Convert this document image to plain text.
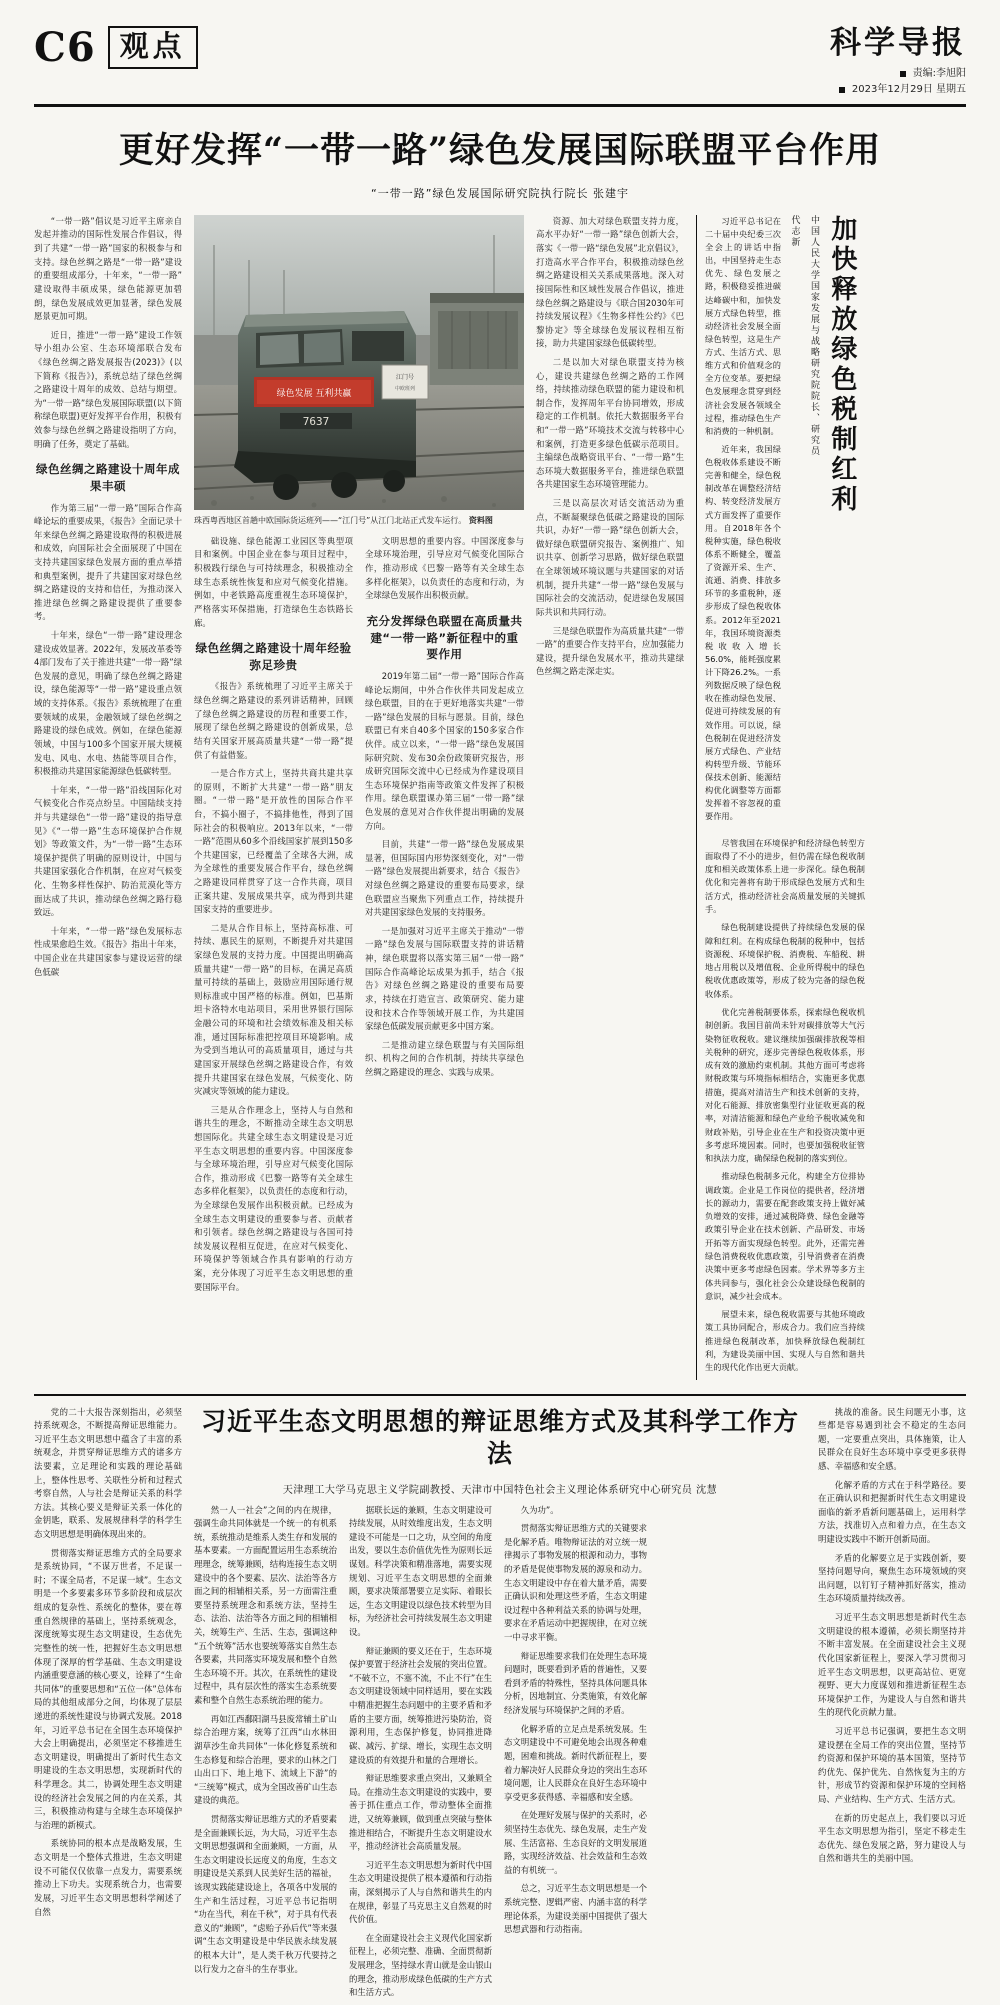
C6 观点	科学导报
责编:李旭阳
2023年12月29日 星期五
更好发挥“一带一路”绿色发展国际联盟平台作用
“一带一路”绿色发展国际研究院执行院长 张建宇

“一带一路”倡议是习近平主席亲自发起并推动的国际性发展合作倡议，得到了共建“一带一路”国家的积极参与和支持。绿色丝绸之路是“一带一路”建设的重要组成部分，十年来，“一带一路”建设取得丰硕成果，绿色能源更加碧朗，绿色发展成效更加显著，绿色发展愿景更加可期。

近日，推进“一带一路”建设工作领导小组办公室、生态环境部联合发布《绿色丝绸之路发展报告(2023)》(以下简称《报告》)，系统总结了绿色丝绸之路建设十周年的成效、总结与期望。为“一带一路”绿色发展国际联盟(以下简称绿色联盟)更好发挥平台作用，积极有效参与绿色丝绸之路建设指明了方向，明确了任务，奠定了基础。

绿色丝绸之路建设十周年成果丰硕

作为第三届“一带一路”国际合作高峰论坛的重要成果，《报告》全面记录十年来绿色丝绸之路建设取得的积极进展和成效，向国际社会全面展现了中国在支持共建国家绿色发展方面的重点举措和典型案例，提升了共建国家对绿色丝绸之路建设的支持和信任，为推动深入推进绿色丝绸之路建设提供了重要参考。

十年来，绿色“一带一路”建设理念建设成效显著。2022年，发展改革委等4部门发布了关于推进共建“一带一路”绿色发展的意见，明确了绿色丝绸之路建设，绿色能源等“一带一路”建设重点领域的支持体系。《报告》系统梳理了在重要领域的成果，金融领域了绿色丝绸之路建设的绿色成效。例如，在绿色能源领域，中国与100多个国家开展大规模发电、风电、水电、热能等项目合作，积极推动共建国家能源绿色低碳转型。

十年来，“一带一路”沿线国际化对气候变化合作亮点纷呈。中国陆续支持并与共建绿色“一带一路”建设的指导意见》《“一带一路”生态环境保护合作规划》等政策文件，为“一带一路”生态环境保护提供了明确的原则设计，中国与共建国家强化合作机制，在应对气候变化、生物多样性保护、防治荒漠化等方面达成了共识，推动绿色丝绸之路行稳致远。

十年来，“一带一路”绿色发展标志性成果愈趋生效。《报告》指出十年来，中国企业在共建国家参与建设运营的绿色低碳

绿色发展 互利共赢
江门号
中欧班列
7637
珠西粤西地区首趟中欧国际货运班列——“江门号”从江门北站正式发车运行。 资料图

础设施、绿色能源工业园区等典型项目和案例。中国企业在参与项目过程中，积极践行绿色与可持续理念，积极推动全球生态系统性恢复和应对气候变化措施。例如，中老铁路高度重视生态环境保护，严格落实环保措施，打造绿色生态铁路长廊。

绿色丝绸之路建设十周年经验弥足珍贵

《报告》系统梳理了习近平主席关于绿色丝绸之路建设的系列讲话精神，回顾了绿色丝绸之路建设的历程和重要工作，展现了绿色丝绸之路建设的创新成果，总结有关国家开展高质量共建“一带一路”提供了有益借鉴。

一是合作方式上，坚持共商共建共享的原则，不断扩大共建“一带一路”朋友圈。“一带一路”是开放性的国际合作平台，不搞小圈子，不搞排他性，得到了国际社会的积极响应。2013年以来，“一带一路”范围从60多个沿线国家扩展到150多个共建国家，已经覆盖了全球各大洲，成为全球性的重要发展合作平台，绿色丝绸之路建设同样贯穿了这一合作共商，项目正案共建、发展成果共享，成为得到共建国家支持的重要进步。

二是从合作目标上，坚持高标准、可持续、惠民生的原则，不断提升对共建国家绿色发展的支持力度。中国提出明确高质量共建“一带一路”的目标，在满足高质量可持续的基础上，鼓励应用国际通行规则标准或中国严格的标准。例如，巴基斯坦卡洛特水电站项目，采用世界银行国际金融公司的环境和社会绩效标准及相关标准，通过国际标准把控项目环境影响。成为受到当地认可的高质量项目，通过与共建国家开展绿色丝绸之路建设合作，有效提升共建国家在绿色发展，气候变化、防灾减灾等领域的能力建设。

三是从合作理念上，坚持人与自然和谐共生的理念，不断推动全球生态文明思想国际化。共建全球生态文明建设是习近平生态文明思想的重要内容。中国深度参与全球环境治理，引导应对气候变化国际合作，推动形成《巴黎一路等有关全球生态多样化框架》，以负责任的态度和行动，为全球绿色发展作出积极贡献。已经成为全球生态文明建设的重要参与者、贡献者和引领者。绿色丝绸之路建设与各国可持续发展议程相互促进，在应对气候变化、环境保护等领域合作具有影响的行动方案，充分体现了习近平生态文明思想的重要国际平台。

文明思想的重要内容。中国深度参与全球环境治理，引导应对气候变化国际合作，推动形成《巴黎一路等有关全球生态多样化框架》，以负责任的态度和行动，为全球绿色发展作出积极贡献。

充分发挥绿色联盟在高质量共建“一带一路”新征程中的重要作用

2019年第二届“一带一路”国际合作高峰论坛期间，中外合作伙伴共同发起成立绿色联盟，目的在于更好地落实共建“一带一路”绿色发展的目标与愿景。目前，绿色联盟已有来自40多个国家的150多家合作伙伴。成立以来，“一带一路”绿色发展国际研究院、发布30余份政策研究报告，形成研究国际交流中心已经成为作建设项目生态环境保护指南等政策文件发挥了积极作用。绿色联盟课办第三届“一带一路”绿色发展的意见对合作伙伴提出明确的发展方向。

目前，共建“一带一路”绿色发展成果显著，但国际国内形势深刻变化，对“一带一路”绿色发展提出新要求，结合《报告》对绿色丝绸之路建设的重要布局要求，绿色联盟应当聚焦下列重点工作，持续提升对共建国家绿色发展的支持服务。

一是加强对习近平主席关于推动“一带一路”绿色发展与国际联盟支持的讲话精神，绿色联盟将以落实第三届“一带一路”国际合作高峰论坛成果为抓手，结合《报告》对绿色丝绸之路建设的重要布局要求，持续在打造宣言、政策研究、能力建设和技术合作等领域开展工作，为共建国家绿色低碳发展贡献更多中国方案。

二是推动建立绿色联盟与有关国际组织、机构之间的合作机制，持续共享绿色丝绸之路建设的理念、实践与成果。

资源、加大对绿色联盟支持力度，高水平办好“一带一路”绿色创新大会，落实《一带一路“绿色发展”北京倡议》，打造高水平合作平台，积极推动绿色丝绸之路建设相关关系成果落地。深入对接国际性和区域性发展合作倡议，推进绿色丝绸之路建设与《联合国2030年可持续发展议程》《生物多样性公约》《巴黎协定》等全球绿色发展议程相互衔接，助力共建国家绿色低碳转型。

二是以加大对绿色联盟支持为核心，建设共建绿色丝绸之路的工作网络，持续推动绿色联盟的能力建设和机制合作，发挥周年平台协同增效，形成稳定的工作机制。依托大数据服务平台和“一带一路”环境技术交流与转移中心和案例，打造更多绿色低碳示范项目。主编绿色战略资讯平台、“一带一路”生态环境大数据服务平台，推进绿色联盟各共建国家生态环境管理能力。

三是以高层次对话交流活动为重点，不断凝聚绿色低碳之路建设的国际共识，办好“一带一路”绿色创新大会，做好绿色联盟研究报告、案例推广、知识共享、创新学习思路，做好绿色联盟在全球领域环境议题与共建国家的对话机制，提升共建“一带一路”绿色发展与国际社会的交流活动，促进绿色发展国际共识和共同行动。

三是绿色联盟作为高质量共建“一带一路”的重要合作支持平台，应加强能力建设，提升绿色发展水平，推动共建绿色丝绸之路走深走实。

习近平总书记在二十届中央纪委三次全会上的讲话中指出，中国坚持走生态优先、绿色发展之路，积极稳妥推进碳达峰碳中和，加快发展方式绿色转型，推动经济社会发展全面绿色转型，这是生产方式、生活方式、思维方式和价值观念的全方位变革。要把绿色发展理念贯穿到经济社会发展各领域全过程，推动绿色生产和消费的一种机制。

近年来，我国绿色税收体系建设不断完善和健全，绿色税制改革在调整经济结构、转变经济发展方式方面发挥了重要作用。自2018年各个税种实施，绿色税收体系不断健全，覆盖了资源开采、生产、流通、消费、排放多环节的多重税种，逐步形成了绿色税收体系。2012年至2021年，我国环境资源类税收收入增长56.0%，能耗强度累计下降26.2%。一系列数据反映了绿色税收在推动绿色发展、促进可持续发展的有效作用。可以说，绿色税制在促进经济发展方式绿色、产业结构转型升级、节能环保技术创新、能源结构优化调整等方面都发挥着不容忽视的重要作用。

代志新 中国人民大学国家发展与战略研究院院长、研究员 加快释放绿色税制红利

尽管我国在环境保护和经济绿色转型方面取得了不小的进步，但仍需在绿色税收制度和相关政策体系上进一步深化。绿色税制优化和完善将有助于形成绿色发展方式和生活方式，推动经济社会高质量发展的关键抓手。

绿色税制建设提供了持续绿色发展的保障和红利。在构成绿色税制的税种中，包括资源税、环境保护税、消费税、车船税、耕地占用税以及增值税、企业所得税中的绿色税收优惠政策等，形成了较为完备的绿色税收体系。

优化完善税制要体系，探索绿色税收机制创新。我国目前尚未针对碳排放等大气污染物征收税收。建议继续加强碳排放税等相关税种的研究，逐步完善绿色税收体系，形成有效的激励约束机制。其他方面可考虑将财税政策与环境指标相结合，实施更多优惠措施，提高对清洁生产和技术创新的支持，对化石能源、排放密集型行业征收更高的税率，对清洁能源和绿色产业给予税收减免和财政补贴，引导企业在生产和投资决策中更多考虑环境因素。同时，也要加强税收征管和执法力度，确保绿色税制的落实到位。

推动绿色税制多元化，构建全方位排协调政策。企业是工作岗位的提供者，经济增长的源动力，需要在配套政策支持上做好减负增效的安排，通过减税降费、绿色金融等政策引导企业在技术创新、产品研发、市场开拓等方面实现绿色转型。此外，还需完善绿色消费税收优惠政策，引导消费者在消费决策中更多考虑绿色因素。学术界等多方主体共同参与，强化社会公众建设绿色税制的意识，减少社会成本。

展望未来，绿色税收需要与其他环境政策工具协同配合，形成合力。我们应当持续推进绿色税制改革，加快释放绿色税制红利，为建设美丽中国、实现人与自然和谐共生的现代化作出更大贡献。

党的二十大报告深刻指出，必须坚持系统观念，不断提高辩证思维能力。习近平生态文明思想中蕴含了丰富的系统观念，并贯穿辩证思维方式的诸多方法要素，立足理论和实践的理论基础上，整体性思考、关联性分析和过程式考察自然，人与社会是辩证关系的科学方法。其核心要义是辩证关系一体化的金钥匙，联系、发展规律科学的科学生态文明思想是明确体现出来的。

贯彻落实辩证思维方式的全局要求是系统协同，“不谋万世者，不足谋一时；不谋全局者，不足谋一域”。生态文明是一个多要素多环节多阶段和成层次组成的复杂性、系统化的整体，要在尊重自然规律的基础上，坚持系统观念，深度统筹实现生态文明建设，生态优先完整性的统一性，把握好生态文明思想体现了深厚的哲学基础、生态文明建设内涵重要意涵的核心要义，诠释了“生命共同体”的重要思想和“五位一体”总体布局的其他组成部分之间，均体现了层层递进的系统性建设与协调式发展。2018年，习近平总书记在全国生态环境保护大会上明确提出，必须坚定不移推进生态文明建设，明确提出了新时代生态文明建设的生态文明思想，实现新时代的科学理念。其二，协调处理生态文明建设的经济社会发展之间的内在关系，其三，积极推动构建与全球生态环境保护与治理的新模式。

系统协同的根本点是战略发展，生态文明是一个整体式推进，生态文明建设不可能仅仅依靠一点发力，需要系统推动上下功夫。实现系统合力，也需要发展，习近平生态文明思想科学阐述了自然

习近平生态文明思想的辩证思维方式及其科学工作方法
天津理工大学马克思主义学院副教授、天津市中国特色社会主义理论体系研究中心研究员 沈慧

然一人一社会”之间的内在规律，强调生命共同体就是一个统一的有机系统，系统推动是维系人类生存和发展的基本要素。一方面配置运用生态系统治理理念，统筹兼顾，结构连接生态文明建设中的各个要素、层次、法治等各方面之间的相辅相关系，另一方面需注重要坚持系统理念和系统方法，坚持生态、法治、法治等各方面之间的相辅相关，统筹生产、生活、生态，强调这种“五个统筹”活水也要统筹落实自然生态各要素，共同落实环境发展和整个自然生态环境不开。其次，在系统性的建设过程中，具有层次性的落实生态系统要素和整个自然生态系统治理的能力。

再如江西鄱阳湖马县废常辅土矿山综合治理方案，统筹了江西“山水林田湖草沙生命共同体”一体化修复系统和生态修复和综合治理，要求的山林之门山出口下、地上地下、流域上下游”的“三统筹”模式，成为全国改善矿山生态建设的典范。

贯彻落实辩证思维方式的矛盾要素是全面兼顾长远，为大局，习近平生态文明思想强调和全面兼顾，一方面，从生态文明建设长远度义的角度，生态文明建设是关系到人民美好生活的福祉，该现实践能建设途上，各项各中发展的生产和生活过程，习近平总书记指明“功在当代，利在千秋”，对于具有代表意义的“兼顾”，“虑贻子孙后代”等来强调“生态文明建设是中华民族永续发展的根本大计”，是人类千秋万代要持之以行发力之奋斗的生存事业。

据联长远的兼顾，生态文明建设可持续发展，从时效维度出发，生态文明建设不可能是一口之功，从空间的角度出发，要以生态价值优先性为原则长远谋划。科学决策和精准落地，需要实现规划、习近平生态文明思想的全面兼顾，要求决策部署要立足实际、着眼长远，生态文明建设以绿色技术转型为目标，为经济社会可持续发展生态文明建设。

辩证兼顾的要义还在于，生态环境保护要置于经济社会发展的突出位置。“不破不立，不塞不流，不止不行”在生态文明建设领域中同样适用，要在实践中精准把握生态问题中的主要矛盾和矛盾的主要方面，统筹推进污染防治，资源利用，生态保护修复，协同推进降碳、减污、扩绿、增长，实现生态文明建设质的有效提升和量的合理增长。

辩证思维要求重点突出，又兼顾全局。在推动生态文明建设的实践中，要善于抓住重点工作，带动整体全面推进，又统筹兼顾，做到重点突破与整体推进相结合，不断提升生态文明建设水平，推动经济社会高质量发展。

习近平生态文明思想为新时代中国生态文明建设提供了根本遵循和行动指南，深刻揭示了人与自然和谐共生的内在规律，彰显了马克思主义自然观的时代价值。

在全面建设社会主义现代化国家新征程上，必须完整、准确、全面贯彻新发展理念，坚持绿水青山就是金山银山的理念，推动形成绿色低碳的生产方式和生活方式。

久为功”。

贯彻落实辩证思维方式的关键要求是化解矛盾。唯物辩证法的对立统一规律揭示了事物发展的根源和动力，事物的矛盾是促使事物发展的源泉和动力。生态文明建设中存在着大量矛盾，需要正确认识和处理这些矛盾，生态文明建设过程中各种利益关系的协调与处理，要求在矛盾运动中把握规律，在对立统一中寻求平衡。

辩证思维要求我们在处理生态环境问题时，既要看到矛盾的普遍性，又要看到矛盾的特殊性，坚持具体问题具体分析，因地制宜、分类施策，有效化解经济发展与环境保护之间的矛盾。

化解矛盾的立足点是系统发展。生态文明建设中不可避免地会出现各种难题，困难和挑战。新时代新征程上，要着力解决好人民群众身边的突出生态环境问题，让人民群众在良好生态环境中享受更多获得感、幸福感和安全感。

在处理好发展与保护的关系时，必须坚持生态优先、绿色发展，走生产发展、生活富裕、生态良好的文明发展道路，实现经济效益、社会效益和生态效益的有机统一。

总之，习近平生态文明思想是一个系统完整、逻辑严密、内涵丰富的科学理论体系，为建设美丽中国提供了强大思想武器和行动指南。

挑战的准备。民生问题无小事，这些都是容易遇到社会不稳定的生态问题，一定要重点突出，具体施策，让人民群众在良好生态环境中享受更多获得感、幸福感和安全感。

化解矛盾的方式在于科学路径。要在正确认识和把握新时代生态文明建设面临的新矛盾新问题基础上，运用科学方法，找准切入点和着力点，在生态文明建设实践中不断开创新局面。

矛盾的化解要立足于实践创新，要坚持问题导向，聚焦生态环境领域的突出问题，以钉钉子精神抓好落实，推动生态环境质量持续改善。

习近平生态文明思想是新时代生态文明建设的根本遵循，必须长期坚持并不断丰富发展。在全面建设社会主义现代化国家新征程上，要深入学习贯彻习近平生态文明思想，以更高站位、更宽视野、更大力度谋划和推进新征程生态环境保护工作，为建设人与自然和谐共生的现代化贡献力量。

习近平总书记强调，要把生态文明建设摆在全局工作的突出位置，坚持节约资源和保护环境的基本国策，坚持节约优先、保护优先、自然恢复为主的方针，形成节约资源和保护环境的空间格局、产业结构、生产方式、生活方式。

在新的历史起点上，我们要以习近平生态文明思想为指引，坚定不移走生态优先、绿色发展之路，努力建设人与自然和谐共生的美丽中国。
